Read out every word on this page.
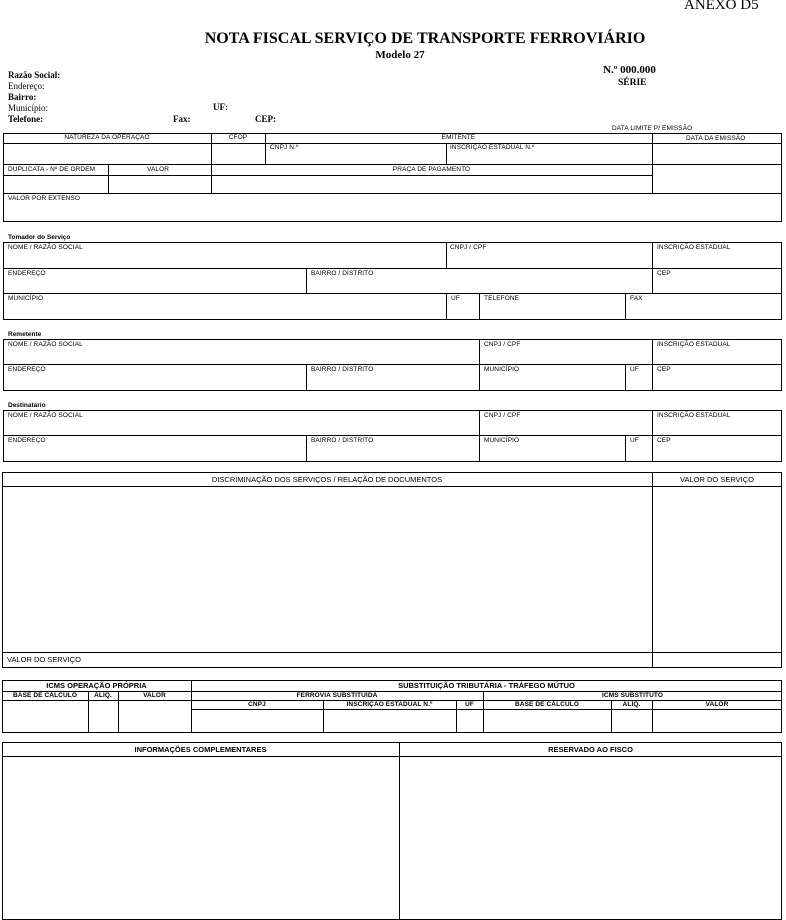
ANEXO D5
NOTA FISCAL SERVIÇO DE TRANSPORTE FERROVIÁRIO
Modelo 27
N.º 000.000
SÉRIE
Razão Social:
Endereço:
Bairro:
Município:
Telefone:
UF:
Fax:	CEP:
DATA LIMITE P/ EMISSÃO
NATUREZA DA OPERAÇÃO	CFOP	EMITENTE
CNPJ N.º	INSCRIÇÃO ESTADUAL N.º
DATA DA EMISSÃO
DUPLICATA - Nº DE ORDEM	VALOR	PRAÇA DE PAGAMENTO
VALOR POR EXTENSO
Tomador do Serviço
NOME / RAZÃO SOCIAL	CNPJ / CPF	INSCRIÇÃO ESTADUAL
ENDEREÇO	BAIRRO / DISTRITO	CEP
MUNICÍPIO	UF	TELEFONE	FAX
Remetente
NOME / RAZÃO SOCIAL	CNPJ / CPF	INSCRIÇÃO ESTADUAL
ENDEREÇO	BAIRRO / DISTRITO	MUNICÍPIO	UF	CEP
Destinatário
NOME / RAZÃO SOCIAL	CNPJ / CPF	INSCRIÇÃO ESTADUAL
ENDEREÇO	BAIRRO / DISTRITO	MUNICÍPIO	UF	CEP
DISCRIMINAÇÃO DOS SERVIÇOS / RELAÇÃO DE DOCUMENTOS	VALOR DO SERVIÇO
VALOR DO SERVIÇO
ICMS OPERAÇÃO PRÓPRIA
BASE DE CÁLCULO	ALÍQ.	VALOR
SUBSTITUIÇÃO TRIBUTÁRIA - TRÁFEGO MÚTUO
FERROVIA SUBSTITUÍDA	ICMS SUBSTITUTO
CNPJ	INSCRIÇÃO ESTADUAL N.º	UF	BASE DE CÁLCULO	ALÍQ.	VALOR
INFORMAÇÕES COMPLEMENTARES	RESERVADO AO FISCO
